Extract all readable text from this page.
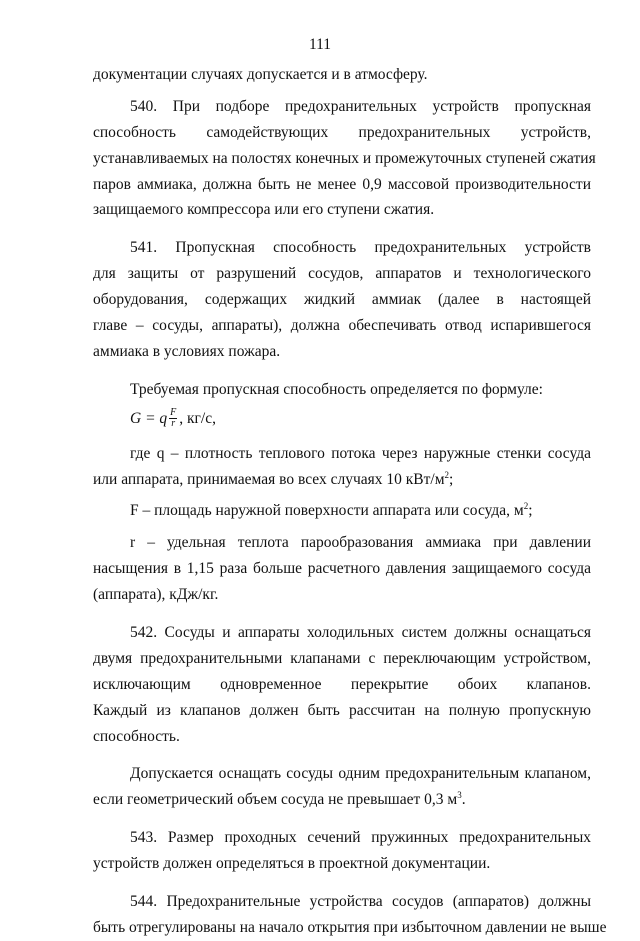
111
документации случаях допускается и в атмосферу.
540. При подборе предохранительных устройств пропускная
способность самодействующих предохранительных устройств,
устанавливаемых на полостях конечных и промежуточных ступеней сжатия
паров аммиака, должна быть не менее 0,9 массовой производительности
защищаемого компрессора или его ступени сжатия.
541. Пропускная способность предохранительных устройств
для защиты от разрушений сосудов, аппаратов и технологического
оборудования, содержащих жидкий аммиак (далее в настоящей
главе – сосуды, аппараты), должна обеспечивать отвод испарившегося
аммиака в условиях пожара.
Требуемая пропускная способность определяется по формуле:
G = q $\frac{F}{r}$ , кг/с,
где q – плотность теплового потока через наружные стенки сосуда
или аппарата, принимаемая во всех случаях 10 кВт/$м^2$;
F – площадь наружной поверхности аппарата или сосуда, $м^2$;
r – удельная теплота парообразования аммиака при давлении
насыщения в 1,15 раза больше расчетного давления защищаемого сосуда
(аппарата), кДж/кг.
542. Сосуды и аппараты холодильных систем должны оснащаться
двумя предохранительными клапанами с переключающим устройством,
исключающим одновременное перекрытие обоих клапанов.
Каждый из клапанов должен быть рассчитан на полную пропускную
способность.
Допускается оснащать сосуды одним предохранительным клапаном,
если геометрический объем сосуда не превышает 0,3 $м^3$.
543. Размер проходных сечений пружинных предохранительных
устройств должен определяться в проектной документации.
544. Предохранительные устройства сосудов (аппаратов) должны
быть отрегулированы на начало открытия при избыточном давлении не выше
